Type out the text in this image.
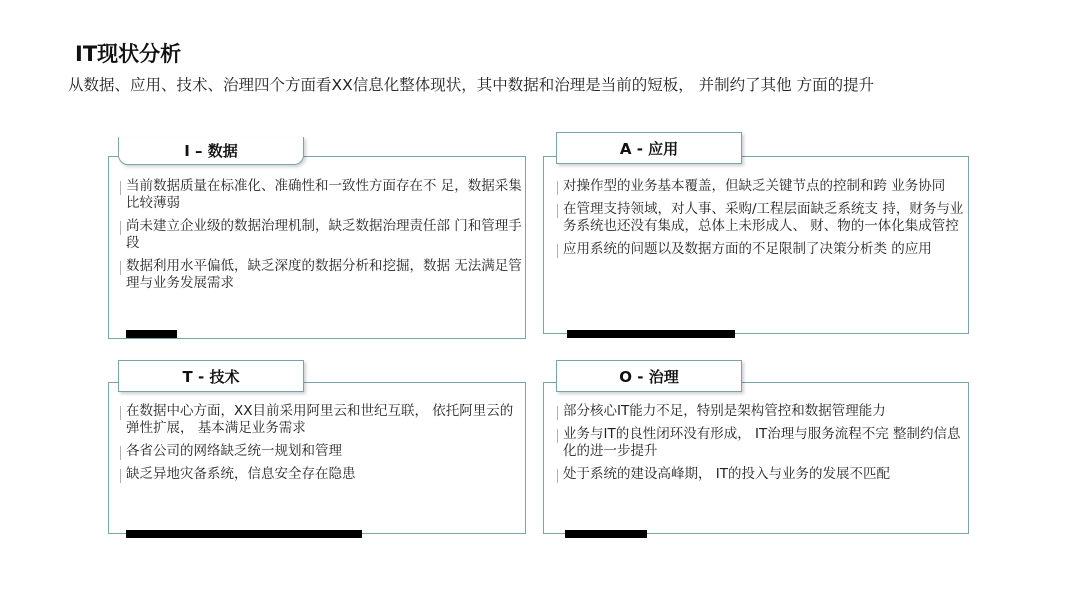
IT现状分析
从数据、应用、技术、治理四个方面看XX信息化整体现状，其中数据和治理是当前的短板， 并制约了其他 方面的提升
I – 数据
当前数据质量在标准化、准确性和一致性方面存在不 足，数据采集比较薄弱
尚未建立企业级的数据治理机制，缺乏数据治理责任部 门和管理手段
数据利用水平偏低，缺乏深度的数据分析和挖掘，数据 无法满足管理与业务发展需求
A - 应用
对操作型的业务基本覆盖，但缺乏关键节点的控制和跨 业务协同
在管理支持领域，对人事、采购/工程层面缺乏系统支 持，财务与业务系统也还没有集成，总体上未形成人、 财、物的一体化集成管控
应用系统的问题以及数据方面的不足限制了决策分析类 的应用
T - 技术
在数据中心方面，XX目前采用阿里云和世纪互联， 依托阿里云的弹性扩展， 基本满足业务需求
各省公司的网络缺乏统一规划和管理
缺乏异地灾备系统，信息安全存在隐患
O - 治理
部分核心IT能力不足，特别是架构管控和数据管理能力
业务与IT的良性闭环没有形成， IT治理与服务流程不完 整制约信息化的进一步提升
处于系统的建设高峰期， IT的投入与业务的发展不匹配
